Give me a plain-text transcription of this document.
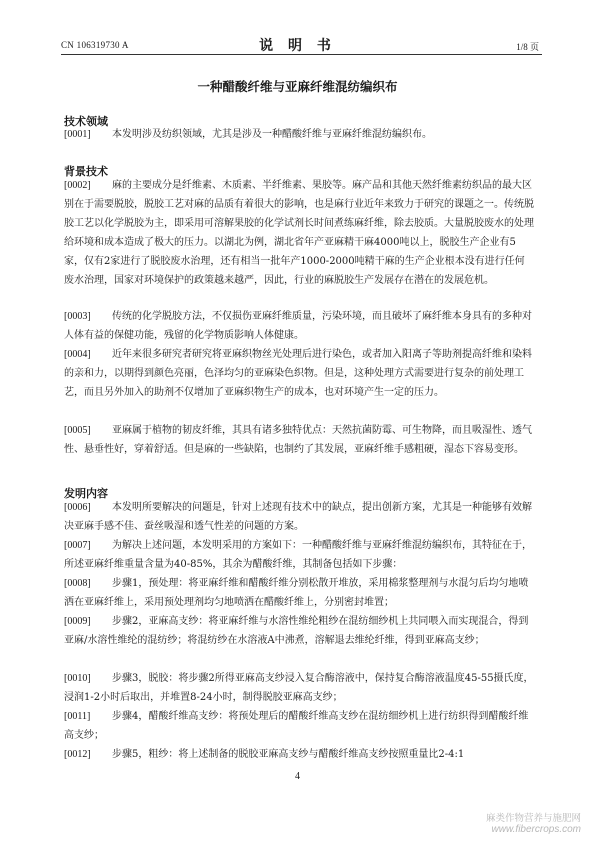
CN 106319730 A	说 明 书	1/8 页
一种醋酸纤维与亚麻纤维混纺编织布
技术领域
[0001] 本发明涉及纺织领域，尤其是涉及一种醋酸纤维与亚麻纤维混纺编织布。
背景技术
[0002] 麻的主要成分是纤维素、木质素、半纤维素、果胶等。麻产品和其他天然纤维素纺织品的最大区别在于需要脱胶，脱胶工艺对麻的品质有着很大的影响，也是麻行业近年来致力于研究的课题之一。传统脱胶工艺以化学脱胶为主，即采用可溶解果胶的化学试剂长时间煮练麻纤维，除去胶质。大量脱胶废水的处理给环境和成本造成了极大的压力。以湖北为例，湖北省年产亚麻精干麻4000吨以上，脱胶生产企业有5家，仅有2家进行了脱胶废水治理，还有相当一批年产1000-2000吨精干麻的生产企业根本没有进行任何废水治理，国家对环境保护的政策越来越严，因此，行业的麻脱胶生产发展存在潜在的发展危机。
[0003] 传统的化学脱胶方法，不仅损伤亚麻纤维质量，污染环境，而且破坏了麻纤维本身具有的多种对人体有益的保健功能，残留的化学物质影响人体健康。
[0004] 近年来很多研究者研究将亚麻织物丝光处理后进行染色，或者加入阳离子等助剂提高纤维和染料的亲和力，以期得到颜色亮丽，色泽均匀的亚麻染色织物。但是，这种处理方式需要进行复杂的前处理工艺，而且另外加入的助剂不仅增加了亚麻织物生产的成本，也对环境产生一定的压力。
[0005] 亚麻属于植物的韧皮纤维，其具有诸多独特优点：天然抗菌防霉、可生物降，而且吸湿性、透气性、悬垂性好，穿着舒适。但是麻的一些缺陷，也制约了其发展，亚麻纤维手感粗硬，湿态下容易变形。
发明内容
[0006] 本发明所要解决的问题是，针对上述现有技术中的缺点，提出创新方案，尤其是一种能够有效解决亚麻手感不佳、蚕丝吸湿和透气性差的问题的方案。
[0007] 为解决上述问题，本发明采用的方案如下：一种醋酸纤维与亚麻纤维混纺编织布，其特征在于，所述亚麻纤维重量含量为40-85%，其余为醋酸纤维，其制备包括如下步骤：
[0008] 步骤1，预处理：将亚麻纤维和醋酸纤维分别松散开堆放，采用棉浆整理剂与水混匀后均匀地喷洒在亚麻纤维上，采用预处理剂均匀地喷洒在醋酸纤维上，分别密封堆置；
[0009] 步骤2，亚麻高支纱：将亚麻纤维与水溶性维纶粗纱在混纺细纱机上共同喂入而实现混合，得到亚麻/水溶性维纶的混纺纱；将混纺纱在水溶液A中沸煮，溶解退去维纶纤维，得到亚麻高支纱；
[0010] 步骤3，脱胶：将步骤2所得亚麻高支纱浸入复合酶溶液中，保持复合酶溶液温度45-55摄氏度，浸润1-2小时后取出，并堆置8-24小时，制得脱胶亚麻高支纱；
[0011] 步骤4，醋酸纤维高支纱：将预处理后的醋酸纤维高支纱在混纺细纱机上进行纺织得到醋酸纤维高支纱；
[0012] 步骤5，粗纱：将上述制备的脱胶亚麻高支纱与醋酸纤维高支纱按照重量比2-4:1
4
麻类作物营养与施肥网
www.fibercrops.com
